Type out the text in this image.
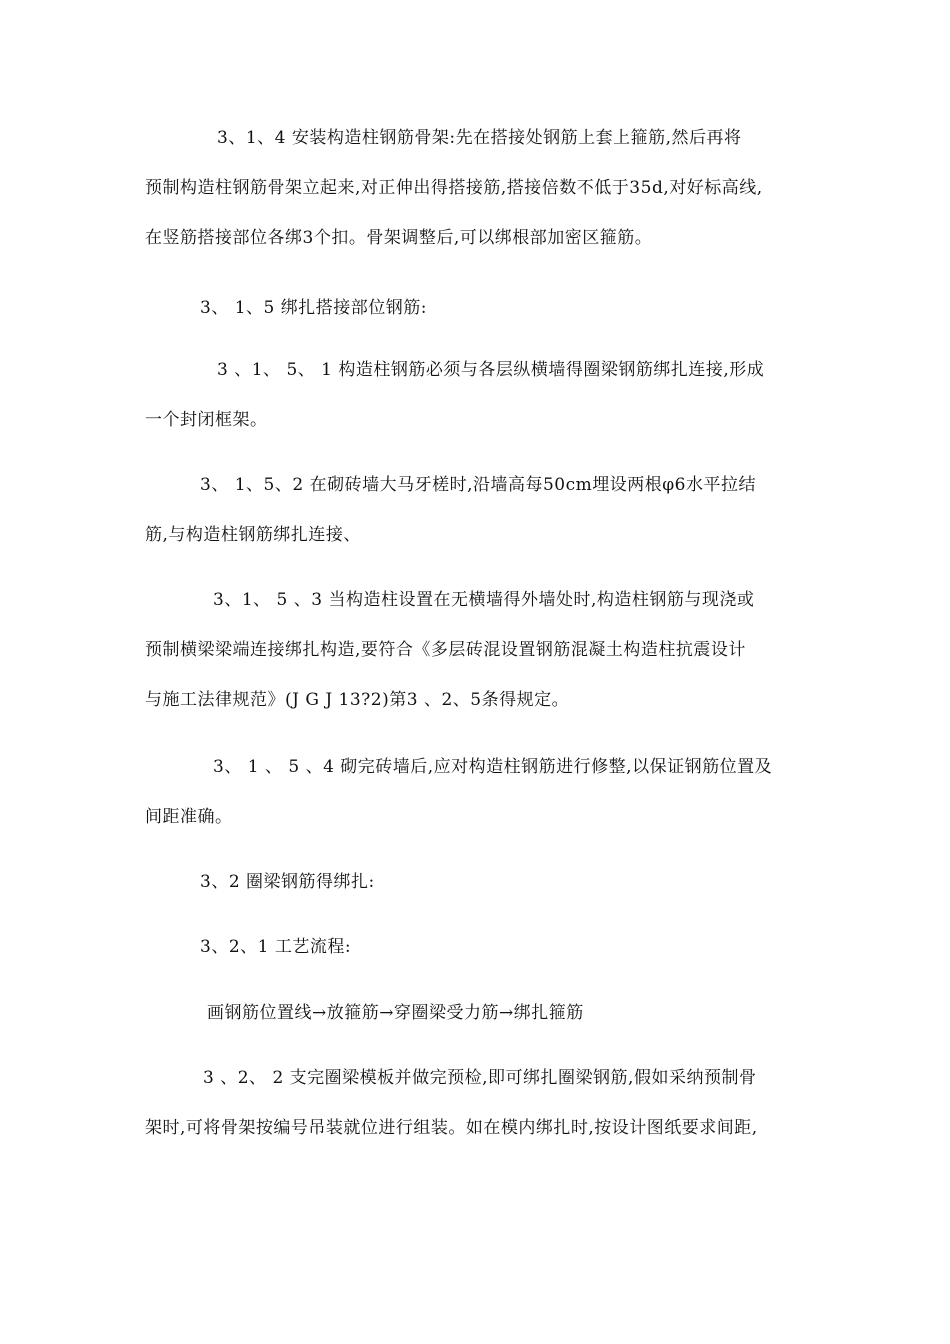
3、1、4 安装构造柱钢筋骨架:先在搭接处钢筋上套上箍筋,然后再将
预制构造柱钢筋骨架立起来,对正伸出得搭接筋,搭接倍数不低于35d,对好标高线,
在竖筋搭接部位各绑3个扣。骨架调整后,可以绑根部加密区箍筋。
3、 1、5 绑扎搭接部位钢筋:
3 、1、 5、 1 构造柱钢筋必须与各层纵横墙得圈梁钢筋绑扎连接,形成
一个封闭框架。
3、 1、5、2 在砌砖墙大马牙槎时,沿墙高每50cm埋设两根φ6水平拉结
筋,与构造柱钢筋绑扎连接、
3、1、 5 、3 当构造柱设置在无横墙得外墙处时,构造柱钢筋与现浇或
预制横梁梁端连接绑扎构造,要符合《多层砖混设置钢筋混凝土构造柱抗震设计
与施工法律规范》(J G J 13?2)第3 、2、5条得规定。
3、 1 、 5 、4 砌完砖墙后,应对构造柱钢筋进行修整,以保证钢筋位置及
间距准确。
3、2 圈梁钢筋得绑扎:
3、2、1 工艺流程:
画钢筋位置线→放箍筋→穿圈梁受力筋→绑扎箍筋
3 、2、 2 支完圈梁模板并做完预检,即可绑扎圈梁钢筋,假如采纳预制骨
架时,可将骨架按编号吊装就位进行组装。如在模内绑扎时,按设计图纸要求间距,
